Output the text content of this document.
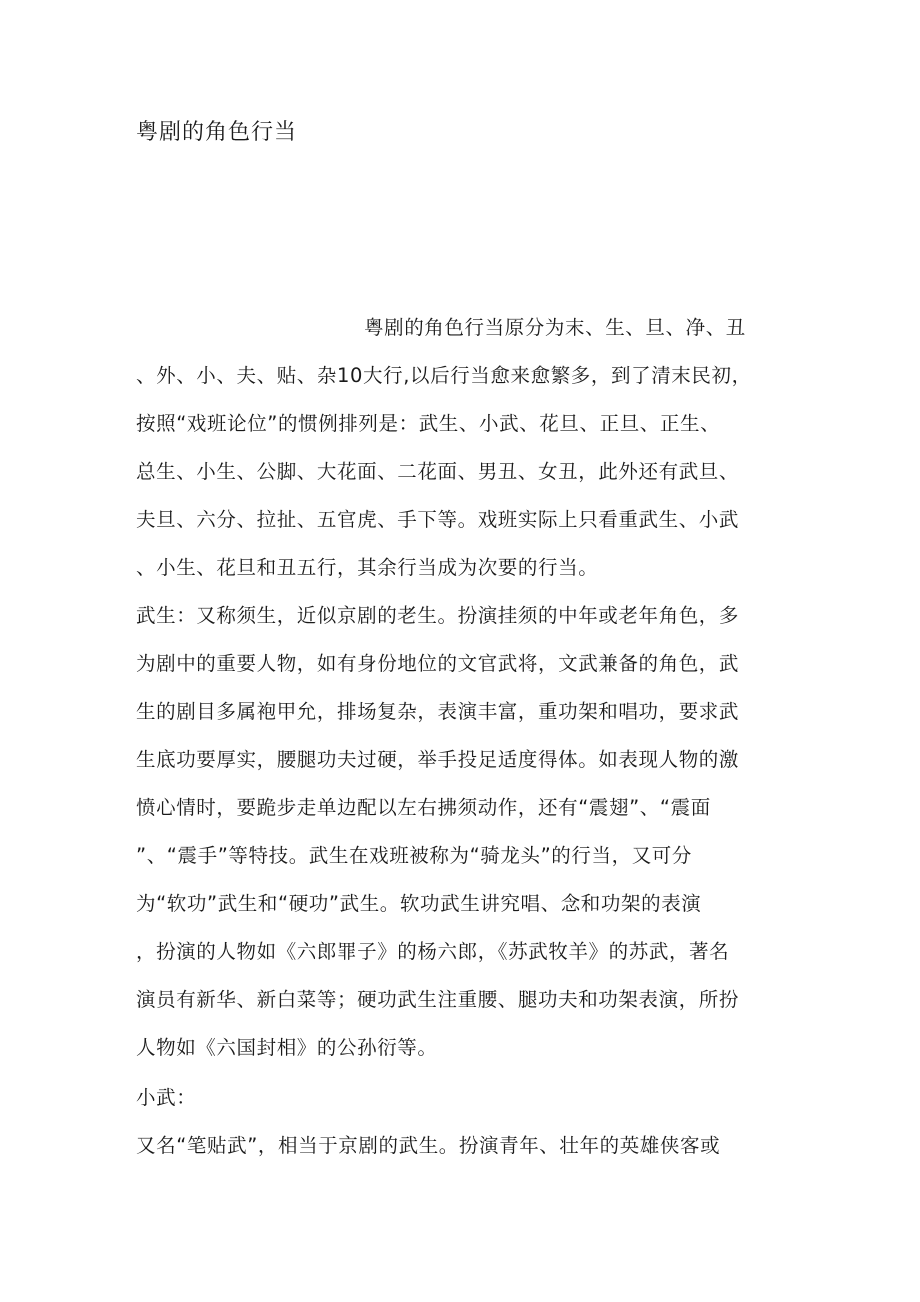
粤剧的角色行当

粤剧的角色行当原分为末、生、旦、净、丑

、外、小、夫、贴、杂10大行,以后行当愈来愈繁多，到了清末民初，

按照“戏班论位”的惯例排列是：武生、小武、花旦、正旦、正生、

总生、小生、公脚、大花面、二花面、男丑、女丑，此外还有武旦、

夫旦、六分、拉扯、五官虎、手下等。戏班实际上只看重武生、小武

、小生、花旦和丑五行，其余行当成为次要的行当。

武生：又称须生，近似京剧的老生。扮演挂须的中年或老年角色，多

为剧中的重要人物，如有身份地位的文官武将，文武兼备的角色，武

生的剧目多属袍甲允，排场复杂，表演丰富，重功架和唱功，要求武

生底功要厚实，腰腿功夫过硬，举手投足适度得体。如表现人物的激

愤心情时，要跪步走单边配以左右拂须动作，还有“震翅”、“震面

”、“震手”等特技。武生在戏班被称为“骑龙头”的行当，又可分

为“软功”武生和“硬功”武生。软功武生讲究唱、念和功架的表演

，扮演的人物如《六郎罪子》的杨六郎，《苏武牧羊》的苏武，著名

演员有新华、新白菜等；硬功武生注重腰、腿功夫和功架表演，所扮

人物如《六国封相》的公孙衍等。

小武：

又名“笔贴武”，相当于京剧的武生。扮演青年、壮年的英雄侠客或
